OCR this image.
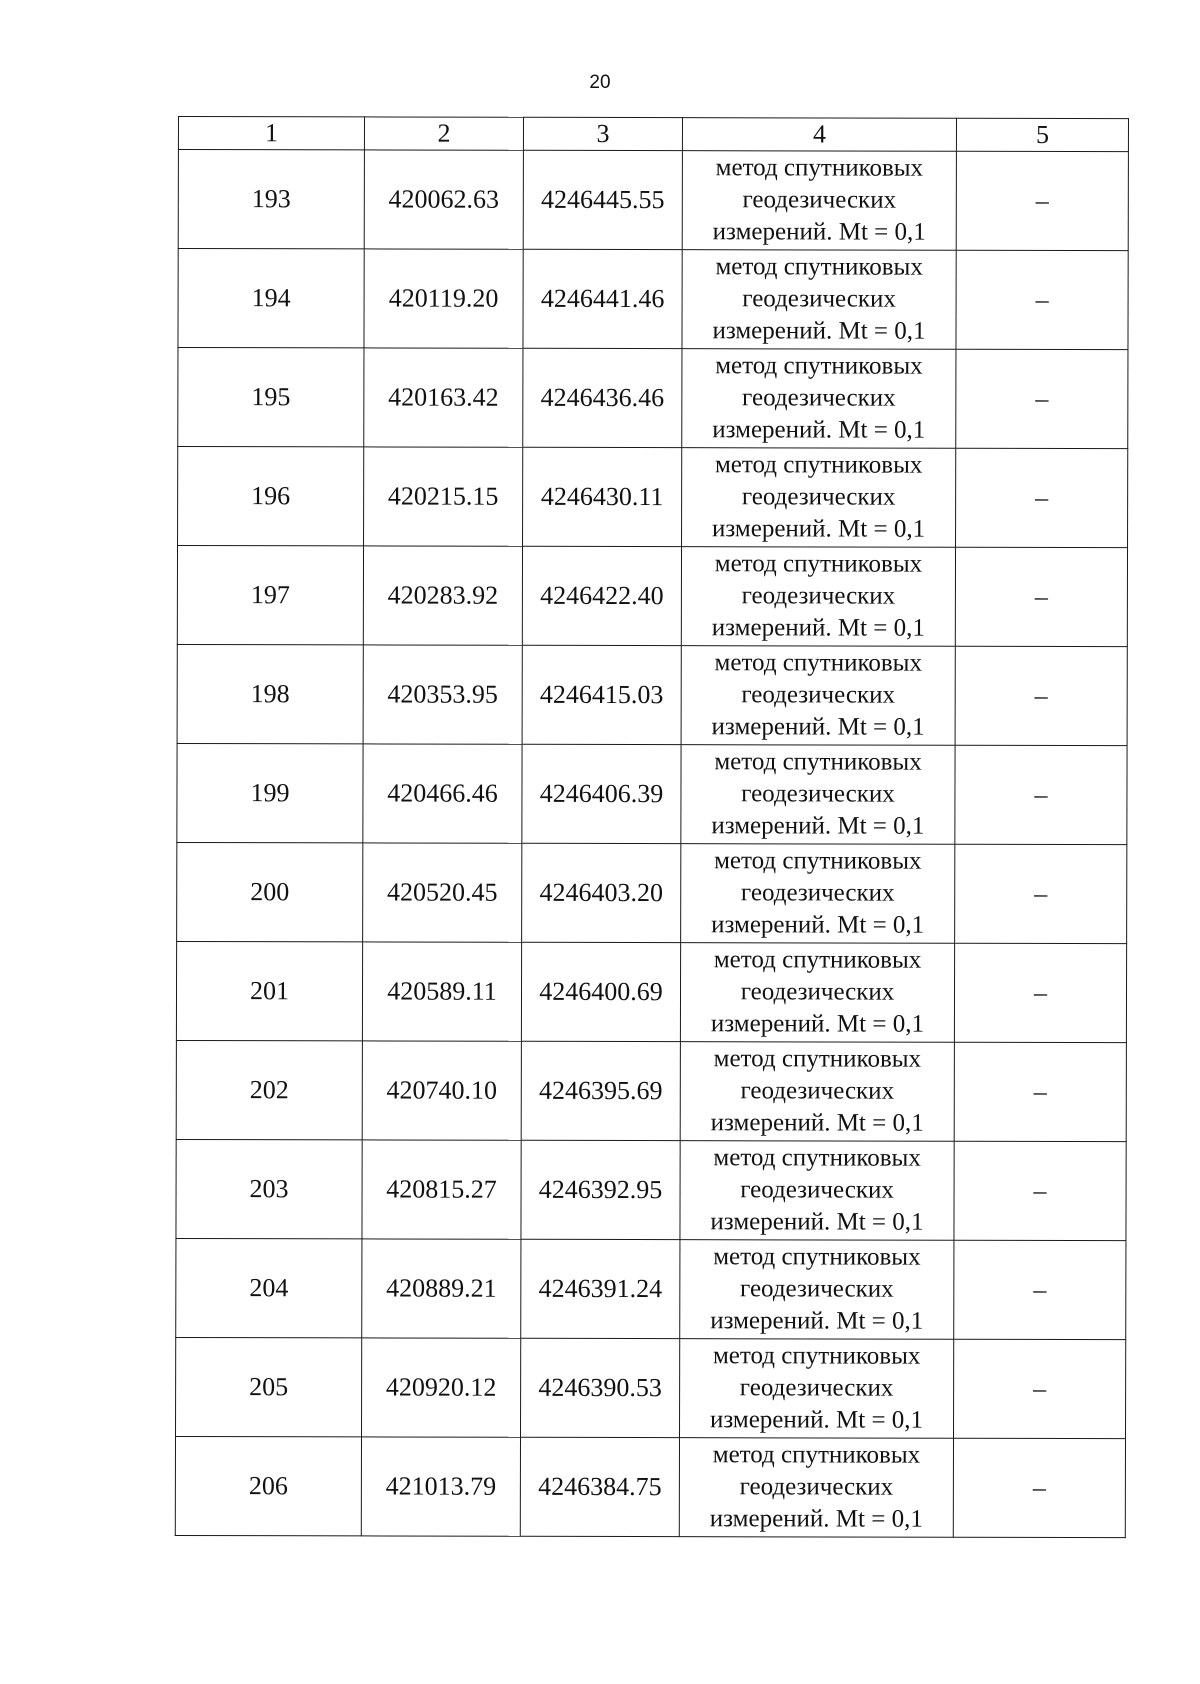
20
1	2	3	4	5
193	420062.63	4246445.55	метод спутниковых
геодезических
измерений. Mt = 0,1	–
194	420119.20	4246441.46	метод спутниковых
геодезических
измерений. Mt = 0,1	–
195	420163.42	4246436.46	метод спутниковых
геодезических
измерений. Mt = 0,1	–
196	420215.15	4246430.11	метод спутниковых
геодезических
измерений. Mt = 0,1	–
197	420283.92	4246422.40	метод спутниковых
геодезических
измерений. Mt = 0,1	–
198	420353.95	4246415.03	метод спутниковых
геодезических
измерений. Mt = 0,1	–
199	420466.46	4246406.39	метод спутниковых
геодезических
измерений. Mt = 0,1	–
200	420520.45	4246403.20	метод спутниковых
геодезических
измерений. Mt = 0,1	–
201	420589.11	4246400.69	метод спутниковых
геодезических
измерений. Mt = 0,1	–
202	420740.10	4246395.69	метод спутниковых
геодезических
измерений. Mt = 0,1	–
203	420815.27	4246392.95	метод спутниковых
геодезических
измерений. Mt = 0,1	–
204	420889.21	4246391.24	метод спутниковых
геодезических
измерений. Mt = 0,1	–
205	420920.12	4246390.53	метод спутниковых
геодезических
измерений. Mt = 0,1	–
206	421013.79	4246384.75	метод спутниковых
геодезических
измерений. Mt = 0,1	–
